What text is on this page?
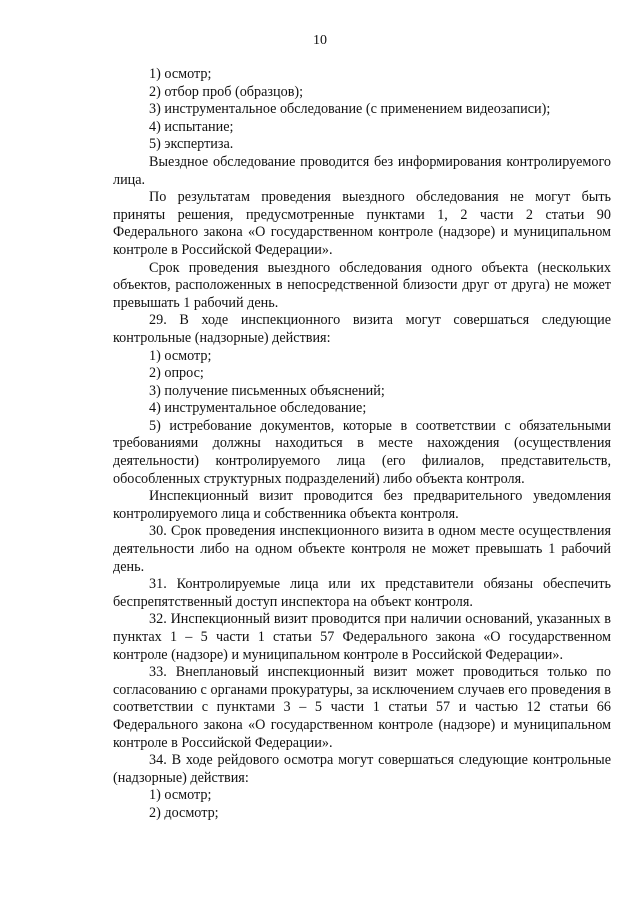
10

1) осмотр;

2) отбор проб (образцов);

3) инструментальное обследование (с применением видеозаписи);

4) испытание;

5) экспертиза.

Выездное обследование проводится без информирования контролируемого лица.

По результатам проведения выездного обследования не могут быть приняты решения, предусмотренные пунктами 1, 2 части 2 статьи 90 Федерального закона «О государственном контроле (надзоре) и муниципальном контроле в Российской Федерации».

Срок проведения выездного обследования одного объекта (нескольких объектов, расположенных в непосредственной близости друг от друга) не может превышать 1 рабочий день.

29. В ходе инспекционного визита могут совершаться следующие контрольные (надзорные) действия:

1) осмотр;

2) опрос;

3) получение письменных объяснений;

4) инструментальное обследование;

5) истребование документов, которые в соответствии с обязательными требованиями должны находиться в месте нахождения (осуществления деятельности) контролируемого лица (его филиалов, представительств, обособленных структурных подразделений) либо объекта контроля.

Инспекционный визит проводится без предварительного уведомления контролируемого лица и собственника объекта контроля.

30. Срок проведения инспекционного визита в одном месте осуществления деятельности либо на одном объекте контроля не может превышать 1 рабочий день.

31. Контролируемые лица или их представители обязаны обеспечить беспрепятственный доступ инспектора на объект контроля.

32. Инспекционный визит проводится при наличии оснований, указанных в пунктах 1 – 5 части 1 статьи 57 Федерального закона «О государственном контроле (надзоре) и муниципальном контроле в Российской Федерации».

33. Внеплановый инспекционный визит может проводиться только по согласованию с органами прокуратуры, за исключением случаев его проведения в соответствии с пунктами 3 – 5 части 1 статьи 57 и частью 12 статьи 66 Федерального закона «О государственном контроле (надзоре) и муниципальном контроле в Российской Федерации».

34. В ходе рейдового осмотра могут совершаться следующие контрольные (надзорные) действия:

1) осмотр;

2) досмотр;
